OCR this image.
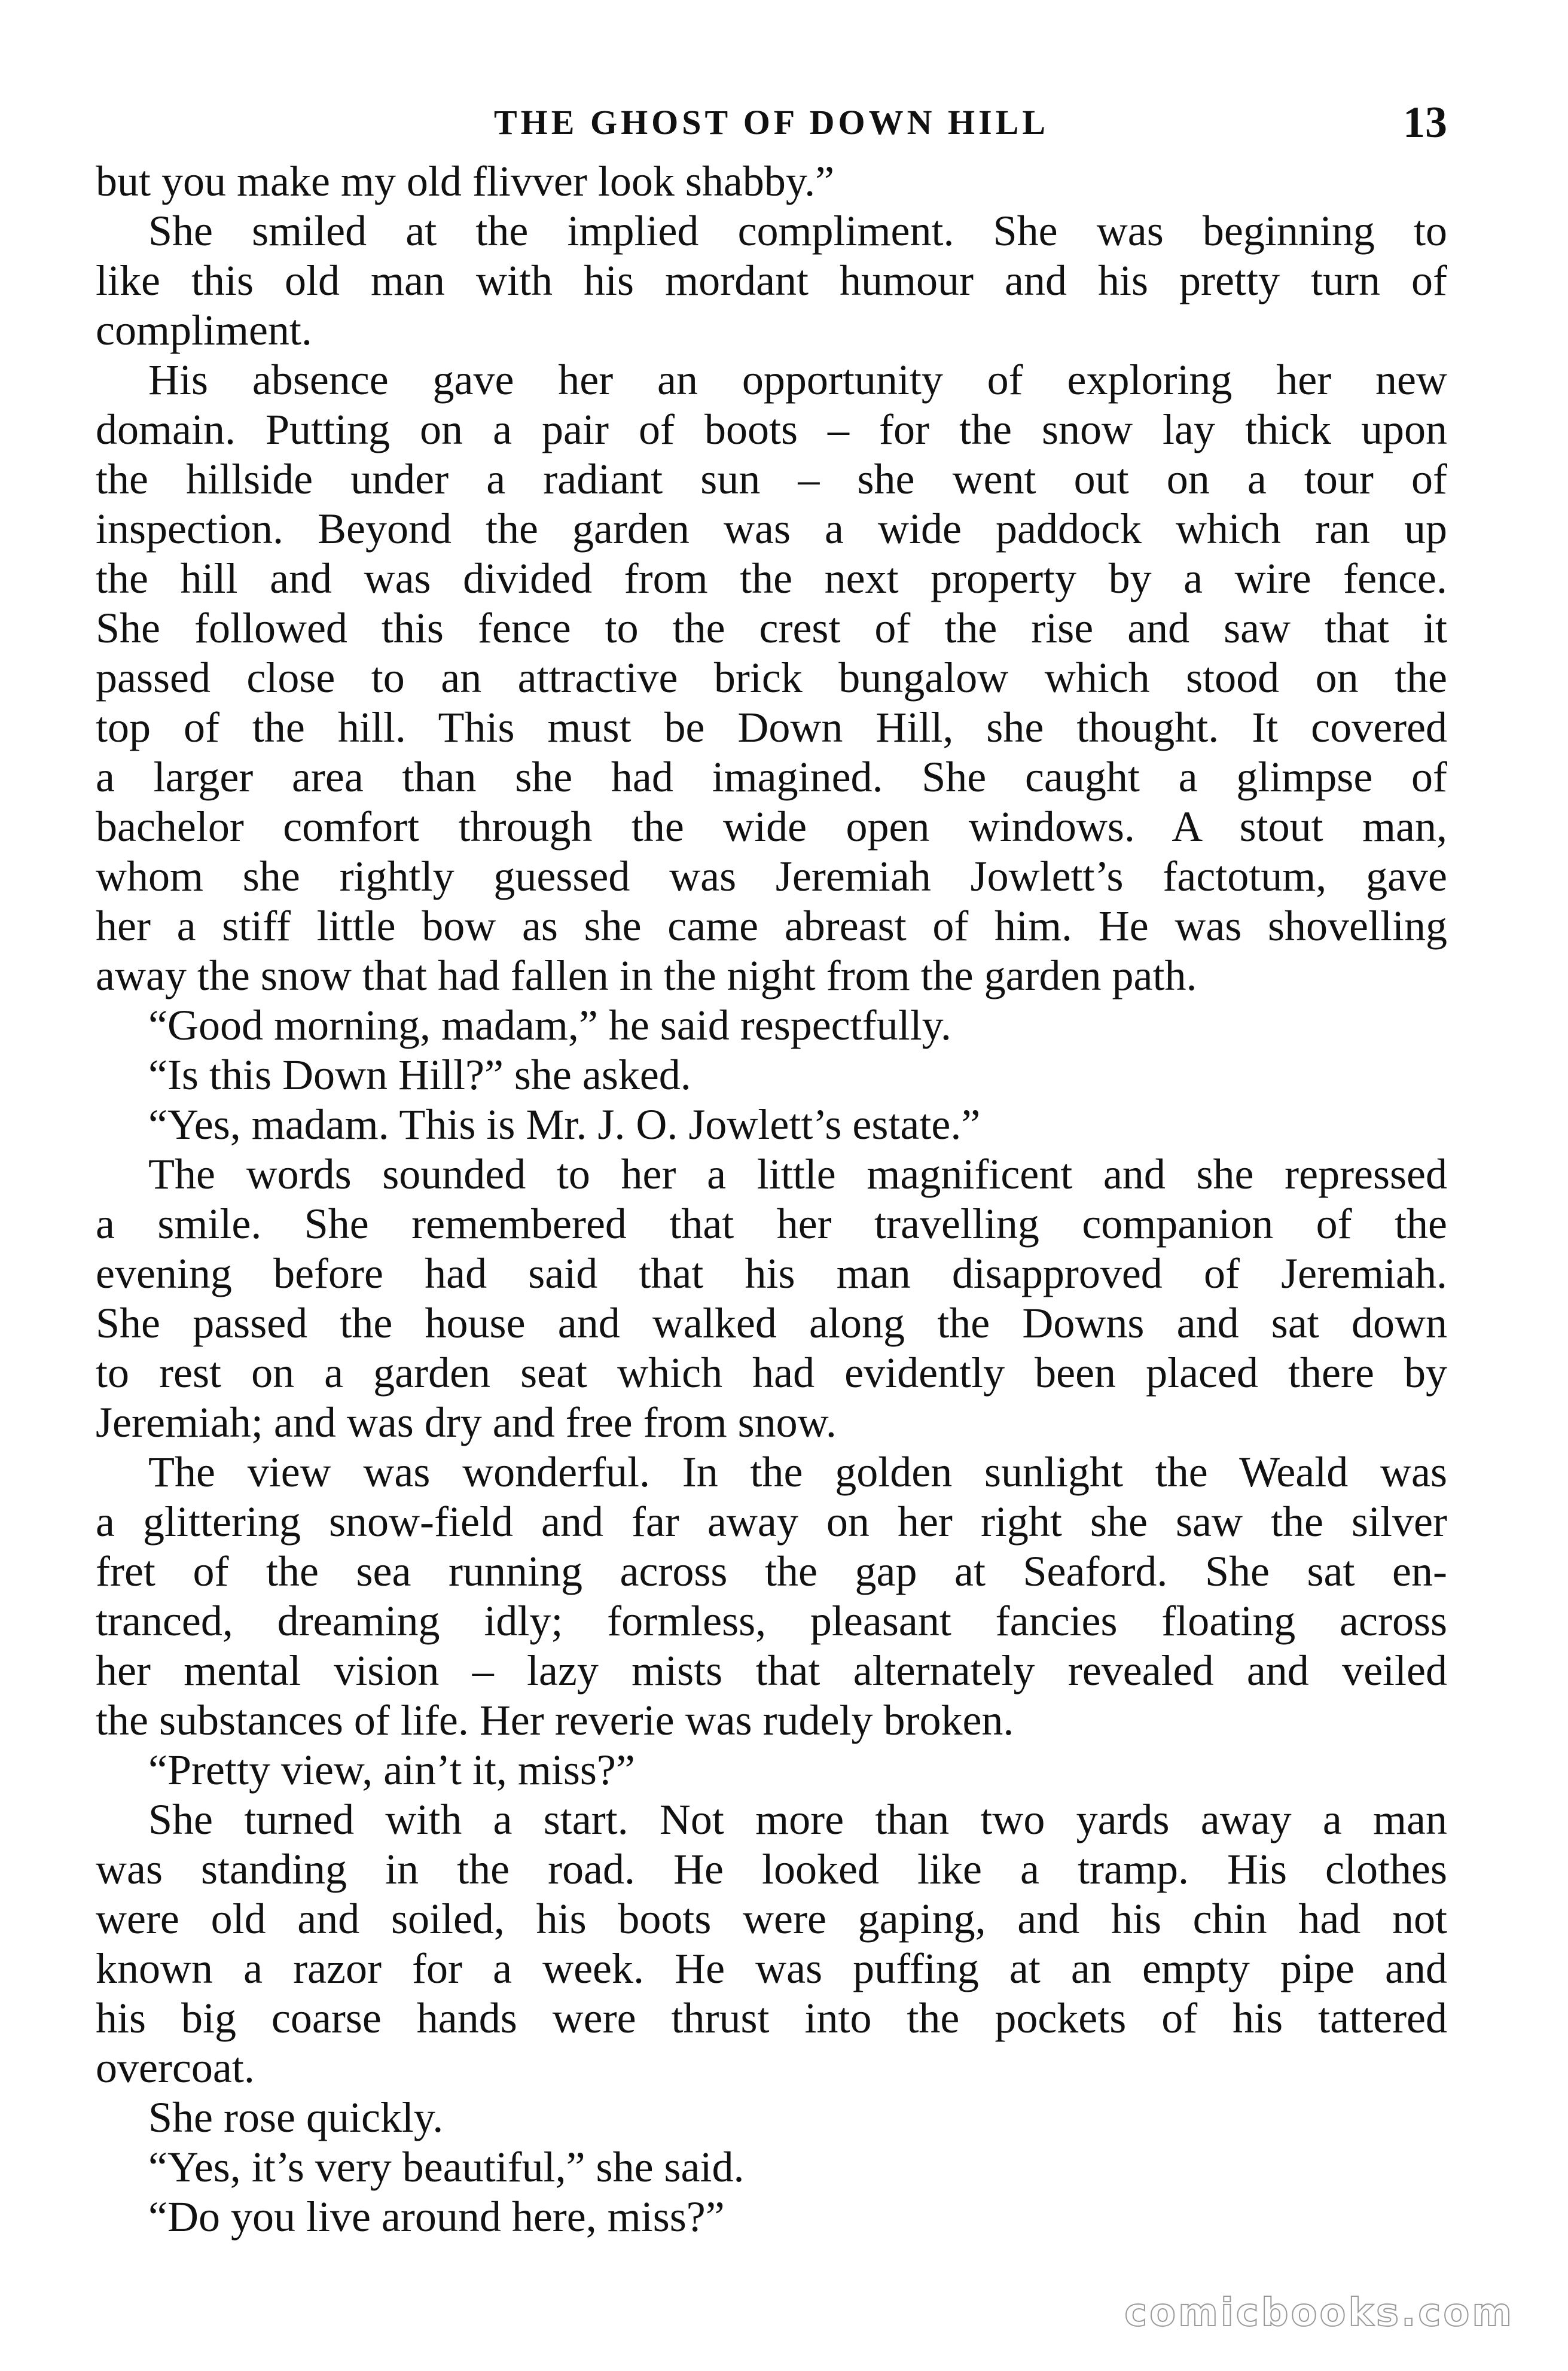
THE GHOST OF DOWN HILL	13
but you make my old flivver look shabby.”
She smiled at the implied compliment. She was beginning to
like this old man with his mordant humour and his pretty turn of
compliment.
His absence gave her an opportunity of exploring her new
domain. Putting on a pair of boots – for the snow lay thick upon
the hillside under a radiant sun – she went out on a tour of
inspection. Beyond the garden was a wide paddock which ran up
the hill and was divided from the next property by a wire fence.
She followed this fence to the crest of the rise and saw that it
passed close to an attractive brick bungalow which stood on the
top of the hill. This must be Down Hill, she thought. It covered
a larger area than she had imagined. She caught a glimpse of
bachelor comfort through the wide open windows. A stout man,
whom she rightly guessed was Jeremiah Jowlett’s factotum, gave
her a stiff little bow as she came abreast of him. He was shovelling
away the snow that had fallen in the night from the garden path.
“Good morning, madam,” he said respectfully.
“Is this Down Hill?” she asked.
“Yes, madam. This is Mr. J. O. Jowlett’s estate.”
The words sounded to her a little magnificent and she repressed
a smile. She remembered that her travelling companion of the
evening before had said that his man disapproved of Jeremiah.
She passed the house and walked along the Downs and sat down
to rest on a garden seat which had evidently been placed there by
Jeremiah; and was dry and free from snow.
The view was wonderful. In the golden sunlight the Weald was
a glittering snow-field and far away on her right she saw the silver
fret of the sea running across the gap at Seaford. She sat en-
tranced, dreaming idly; formless, pleasant fancies floating across
her mental vision – lazy mists that alternately revealed and veiled
the substances of life. Her reverie was rudely broken.
“Pretty view, ain’t it, miss?”
She turned with a start. Not more than two yards away a man
was standing in the road. He looked like a tramp. His clothes
were old and soiled, his boots were gaping, and his chin had not
known a razor for a week. He was puffing at an empty pipe and
his big coarse hands were thrust into the pockets of his tattered
overcoat.
She rose quickly.
“Yes, it’s very beautiful,” she said.
“Do you live around here, miss?”
comicbooks.com
